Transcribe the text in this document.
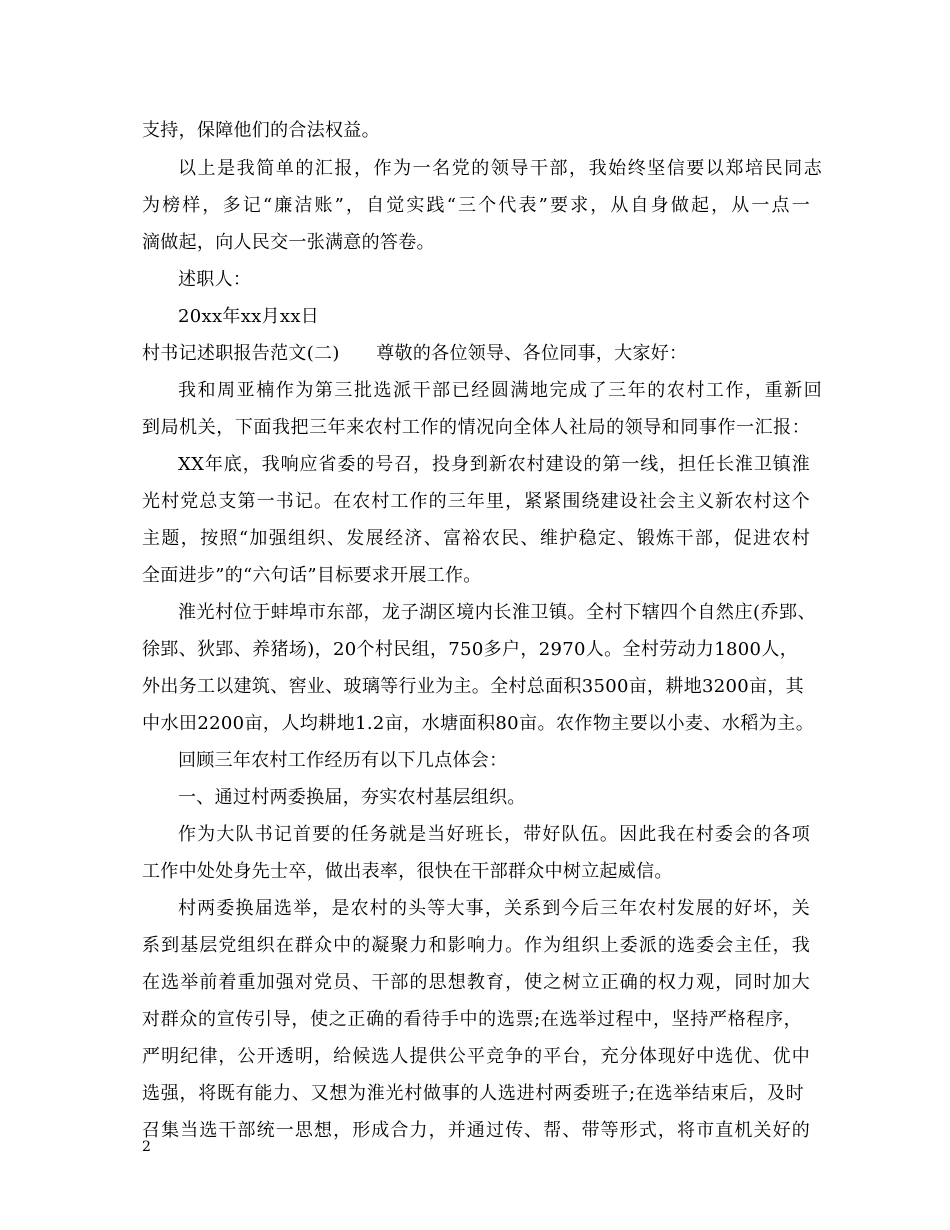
支持，保障他们的合法权益。
以上是我简单的汇报，作为一名党的领导干部，我始终坚信要以郑培民同志
为榜样，多记“廉洁账”，自觉实践“三个代表”要求，从自身做起，从一点一
滴做起，向人民交一张满意的答卷。
述职人：
20xx年xx月xx日
村书记述职报告范文(二)　　尊敬的各位领导、各位同事，大家好：
我和周亚楠作为第三批选派干部已经圆满地完成了三年的农村工作，重新回
到局机关，下面我把三年来农村工作的情况向全体人社局的领导和同事作一汇报：
XX年底，我响应省委的号召，投身到新农村建设的第一线，担任长淮卫镇淮
光村党总支第一书记。在农村工作的三年里，紧紧围绕建设社会主义新农村这个
主题，按照“加强组织、发展经济、富裕农民、维护稳定、锻炼干部，促进农村
全面进步”的“六句话”目标要求开展工作。
淮光村位于蚌埠市东部，龙子湖区境内长淮卫镇。全村下辖四个自然庄(乔郢、
徐郢、狄郢、养猪场)，20个村民组，750多户，2970人。全村劳动力1800人，
外出务工以建筑、窖业、玻璃等行业为主。全村总面积3500亩，耕地3200亩，其
中水田2200亩，人均耕地1.2亩，水塘面积80亩。农作物主要以小麦、水稻为主。
回顾三年农村工作经历有以下几点体会：
一、通过村两委换届，夯实农村基层组织。
作为大队书记首要的任务就是当好班长，带好队伍。因此我在村委会的各项
工作中处处身先士卒，做出表率，很快在干部群众中树立起威信。
村两委换届选举，是农村的头等大事，关系到今后三年农村发展的好坏，关
系到基层党组织在群众中的凝聚力和影响力。作为组织上委派的选委会主任，我
在选举前着重加强对党员、干部的思想教育，使之树立正确的权力观，同时加大
对群众的宣传引导，使之正确的看待手中的选票;在选举过程中，坚持严格程序，
严明纪律，公开透明，给候选人提供公平竞争的平台，充分体现好中选优、优中
选强，将既有能力、又想为淮光村做事的人选进村两委班子;在选举结束后，及时
召集当选干部统一思想，形成合力，并通过传、帮、带等形式，将市直机关好的
2
